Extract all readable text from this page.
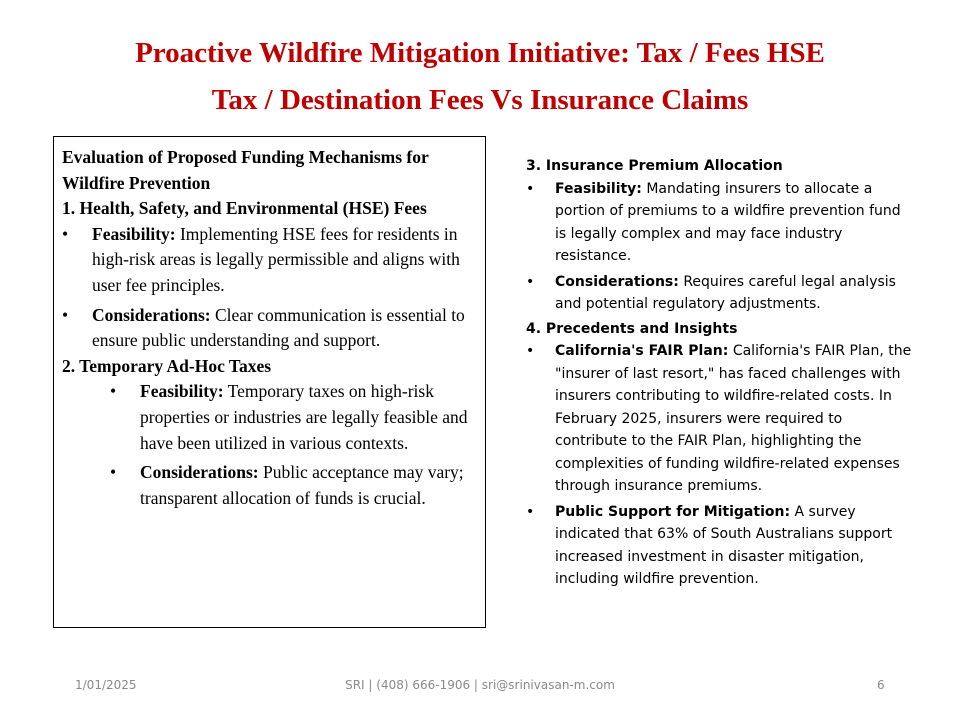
Proactive Wildfire Mitigation Initiative: Tax / Fees HSE
Tax / Destination Fees Vs Insurance Claims
Evaluation of Proposed Funding Mechanisms for Wildfire Prevention
1. Health, Safety, and Environmental (HSE) Fees
•	Feasibility: Implementing HSE fees for residents in high-risk areas is legally permissible and aligns with user fee principles.
•	Considerations: Clear communication is essential to ensure public understanding and support.
2. Temporary Ad-Hoc Taxes
•	Feasibility: Temporary taxes on high-risk properties or industries are legally feasible and have been utilized in various contexts.
•	Considerations: Public acceptance may vary; transparent allocation of funds is crucial.
3. Insurance Premium Allocation
•	Feasibility: Mandating insurers to allocate a portion of premiums to a wildfire prevention fund is legally complex and may face industry resistance.
•	Considerations: Requires careful legal analysis and potential regulatory adjustments.
4. Precedents and Insights
•	California's FAIR Plan: California's FAIR Plan, the "insurer of last resort," has faced challenges with insurers contributing to wildfire-related costs. In February 2025, insurers were required to contribute to the FAIR Plan, highlighting the complexities of funding wildfire-related expenses through insurance premiums.
•	Public Support for Mitigation: A survey indicated that 63% of South Australians support increased investment in disaster mitigation, including wildfire prevention.
1/01/2025	SRI | (408) 666-1906 | sri@srinivasan-m.com	6
